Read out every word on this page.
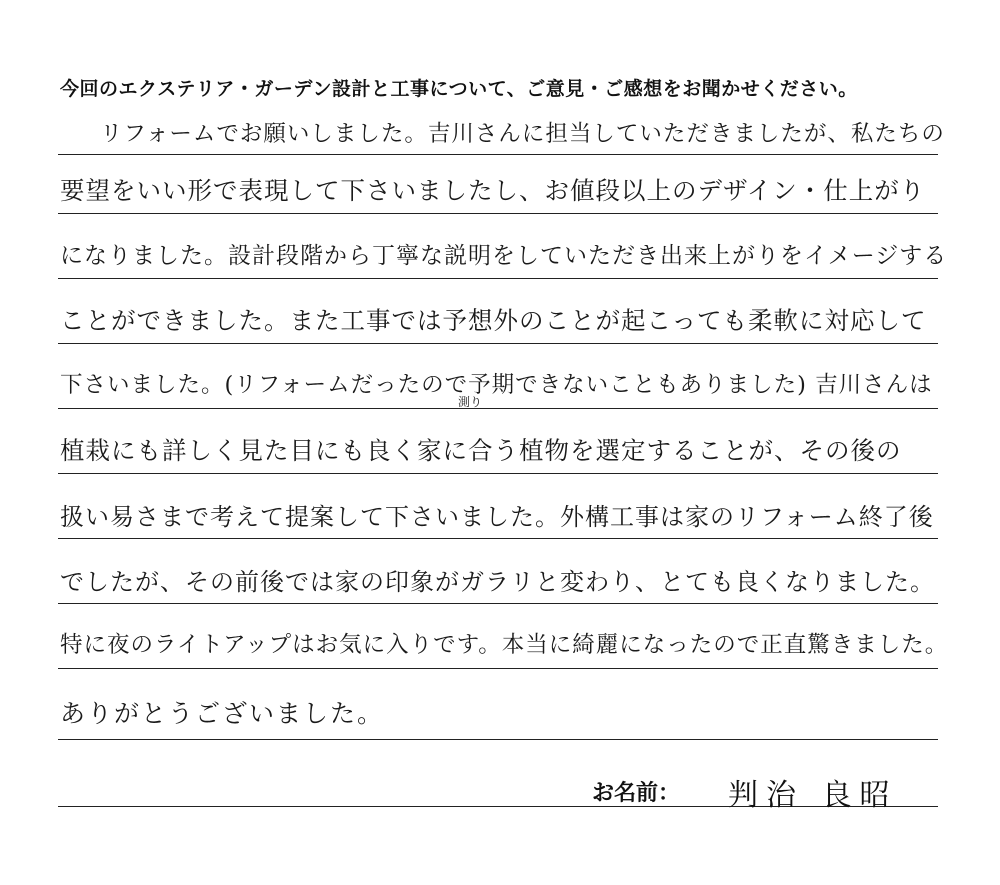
今回のエクステリア・ガーデン設計と工事について、ご意見・ご感想をお聞かせください。
リフォームでお願いしました。吉川さんに担当していただきましたが、私たちの
要望をいい形で表現して下さいましたし、お値段以上のデザイン・仕上がり
になりました。設計段階から丁寧な説明をしていただき出来上がりをイメージする
ことができました。また工事では予想外のことが起こっても柔軟に対応して
下さいました。(リフォームだったので予期できないこともありました) 吉川さんは
測り
植栽にも詳しく見た目にも良く家に合う植物を選定することが、その後の
扱い易さまで考えて提案して下さいました。外構工事は家のリフォーム終了後
でしたが、その前後では家の印象がガラリと変わり、とても良くなりました。
特に夜のライトアップはお気に入りです。本当に綺麗になったので正直驚きました。
ありがとうございました。
お名前： 判治 良昭
